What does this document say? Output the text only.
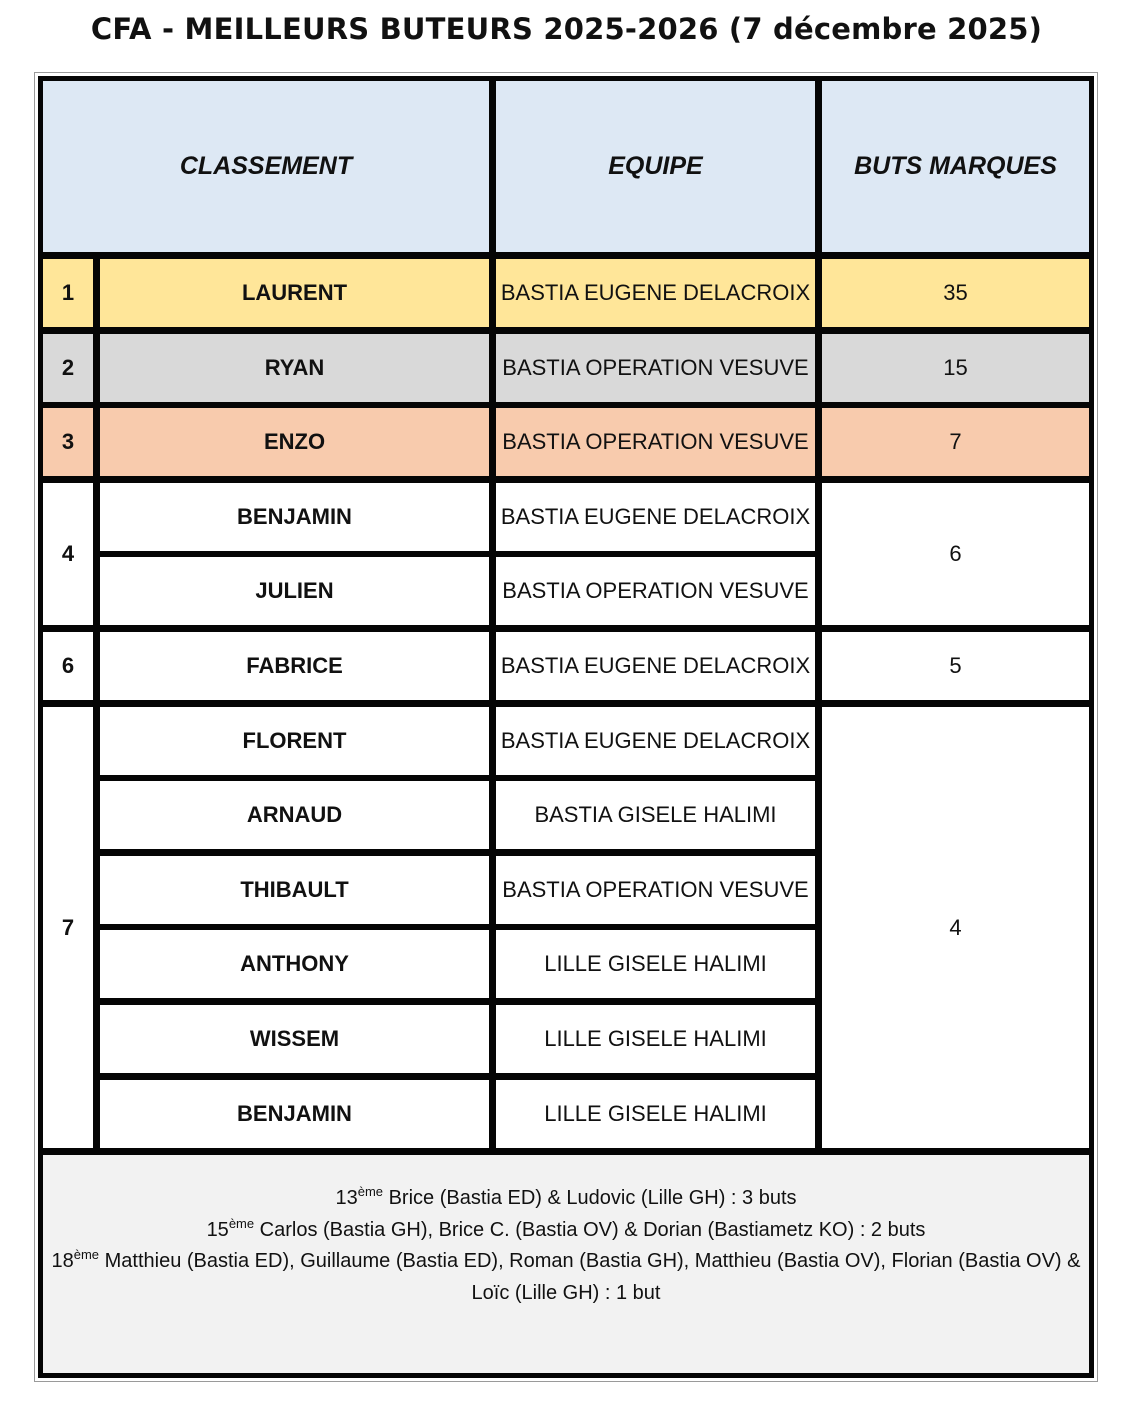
CFA - MEILLEURS BUTEURS 2025-2026 (7 décembre 2025)
CLASSEMENT	EQUIPE	BUTS MARQUES
1
2
3
4
6
7
LAURENT
RYAN
ENZO
BENJAMIN
JULIEN
FABRICE
FLORENT
ARNAUD
THIBAULT
ANTHONY
WISSEM
BENJAMIN
BASTIA EUGENE DELACROIX
BASTIA OPERATION VESUVE
BASTIA OPERATION VESUVE
BASTIA EUGENE DELACROIX
BASTIA OPERATION VESUVE
BASTIA EUGENE DELACROIX
BASTIA EUGENE DELACROIX
BASTIA GISELE HALIMI
BASTIA OPERATION VESUVE
LILLE GISELE HALIMI
LILLE GISELE HALIMI
LILLE GISELE HALIMI
35
15
7
6
5
4

13ème Brice (Bastia ED) & Ludovic (Lille GH) : 3 buts

15ème Carlos (Bastia GH), Brice C. (Bastia OV) & Dorian (Bastiametz KO) : 2 buts

18ème Matthieu (Bastia ED), Guillaume (Bastia ED), Roman (Bastia GH), Matthieu (Bastia OV), Florian (Bastia OV) &

Loïc (Lille GH) : 1 but
